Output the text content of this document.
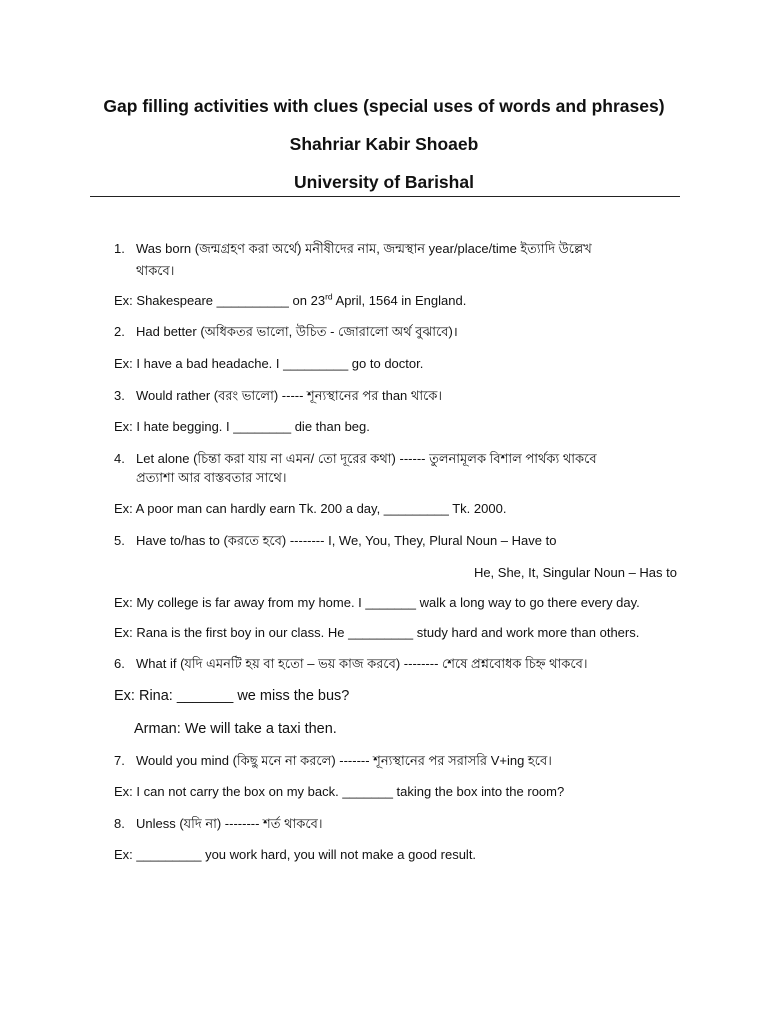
Gap filling activities with clues (special uses of words and phrases)
Shahriar Kabir Shoaeb
University of Barishal
1. Was born (জন্মগ্রহণ করা অর্থে) মনীষীদের নাম, জন্মস্থান year/place/time ইত্যাদি উল্লেখ
থাকবে।
Ex: Shakespeare __________ on 23rd April, 1564 in England.
2. Had better (অধিকতর ভালো, উচিত - জোরালো অর্থ বুঝাবে)।
Ex: I have a bad headache. I _________ go to doctor.
3. Would rather (বরং ভালো) ----- শূন্যস্থানের পর than থাকে।
Ex: I hate begging. I ________ die than beg.
4. Let alone (চিন্তা করা যায় না এমন/ তো দূরের কথা) ------ তুলনামূলক বিশাল পার্থক্য থাকবে
প্রত্যাশা আর বাস্তবতার সাথে।
Ex: A poor man can hardly earn Tk. 200 a day, _________ Tk. 2000.
5. Have to/has to (করতে হবে) -------- I, We, You, They, Plural Noun – Have to
He, She, It, Singular Noun – Has to
Ex: My college is far away from my home. I _______ walk a long way to go there every day.
Ex: Rana is the first boy in our class. He _________ study hard and work more than others.
6. What if (যদি এমনটি হয় বা হতো – ভয় কাজ করবে) -------- শেষে প্রশ্নবোধক চিহ্ন থাকবে।
Ex: Rina: _______ we miss the bus?
Arman: We will take a taxi then.
7. Would you mind (কিছু মনে না করলে) ------- শূন্যস্থানের পর সরাসরি V+ing হবে।
Ex: I can not carry the box on my back. _______ taking the box into the room?
8. Unless (যদি না) -------- শর্ত থাকবে।
Ex: _________ you work hard, you will not make a good result.
